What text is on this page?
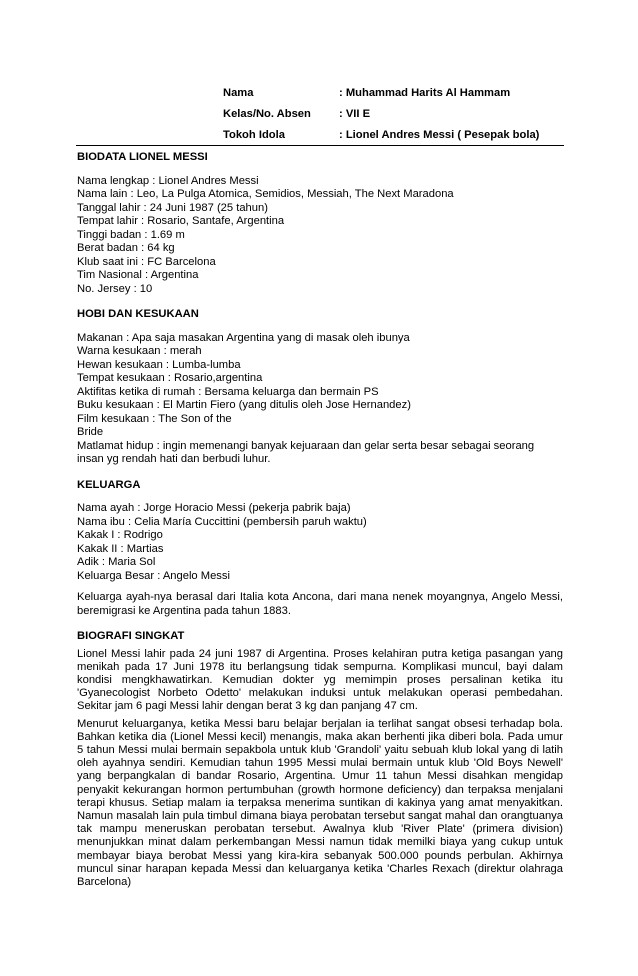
Nama	: Muhammad Harits Al Hammam
Kelas/No. Absen	: VII E
Tokoh Idola	: Lionel Andres Messi ( Pesepak bola)

BIODATA LIONEL MESSI

Nama lengkap : Lionel Andres Messi

Nama lain : Leo, La Pulga Atomica, Semidios, Messiah, The Next Maradona

Tanggal lahir : 24 Juni 1987 (25 tahun)

Tempat lahir : Rosario, Santafe, Argentina

Tinggi badan : 1.69 m

Berat badan : 64 kg

Klub saat ini : FC Barcelona

Tim Nasional : Argentina

No. Jersey : 10

HOBI DAN KESUKAAN

Makanan : Apa saja masakan Argentina yang di masak oleh ibunya

Warna kesukaan : merah

Hewan kesukaan : Lumba-lumba

Tempat kesukaan : Rosario,argentina

Aktifitas ketika di rumah : Bersama keluarga dan bermain PS

Buku kesukaan : El Martin Fiero (yang ditulis oleh Jose Hernandez)

Film kesukaan : The Son of the

Bride

Matlamat hidup : ingin memenangi banyak kejuaraan dan gelar serta besar sebagai seorang

insan yg rendah hati dan berbudi luhur.

KELUARGA

Nama ayah : Jorge Horacio Messi (pekerja pabrik baja)

Nama ibu : Celia María Cuccittini (pembersih paruh waktu)

Kakak I : Rodrigo

Kakak II : Martias

Adik : Maria Sol

Keluarga Besar : Angelo Messi

Keluarga ayah-nya berasal dari Italia kota Ancona, dari mana nenek moyangnya, Angelo Messi, beremigrasi ke Argentina pada tahun 1883.

BIOGRAFI SINGKAT

Lionel Messi lahir pada 24 juni 1987 di Argentina. Proses kelahiran putra ketiga pasangan yang menikah pada 17 Juni 1978 itu berlangsung tidak sempurna. Komplikasi muncul, bayi dalam kondisi mengkhawatirkan. Kemudian dokter yg memimpin proses persalinan ketika itu 'Gyanecologist Norbeto Odetto' melakukan induksi untuk melakukan operasi pembedahan. Sekitar jam 6 pagi Messi lahir dengan berat 3 kg dan panjang 47 cm.

Menurut keluarganya, ketika Messi baru belajar berjalan ia terlihat sangat obsesi terhadap bola. Bahkan ketika dia (Lionel Messi kecil) menangis, maka akan berhenti jika diberi bola. Pada umur 5 tahun Messi mulai bermain sepakbola untuk klub 'Grandoli' yaitu sebuah klub lokal yang di latih oleh ayahnya sendiri. Kemudian tahun 1995 Messi mulai bermain untuk klub 'Old Boys Newell' yang berpangkalan di bandar Rosario, Argentina. Umur 11 tahun Messi disahkan mengidap penyakit kekurangan hormon pertumbuhan (growth hormone deficiency) dan terpaksa menjalani terapi khusus. Setiap malam ia terpaksa menerima suntikan di kakinya yang amat menyakitkan. Namun masalah lain pula timbul dimana biaya perobatan tersebut sangat mahal dan orangtuanya tak mampu meneruskan perobatan tersebut. Awalnya klub 'River Plate' (primera division) menunjukkan minat dalam perkembangan Messi namun tidak memilki biaya yang cukup untuk membayar biaya berobat Messi yang kira-kira sebanyak 500.000 pounds perbulan. Akhirnya muncul sinar harapan kepada Messi dan keluarganya ketika 'Charles Rexach (direktur olahraga Barcelona)
